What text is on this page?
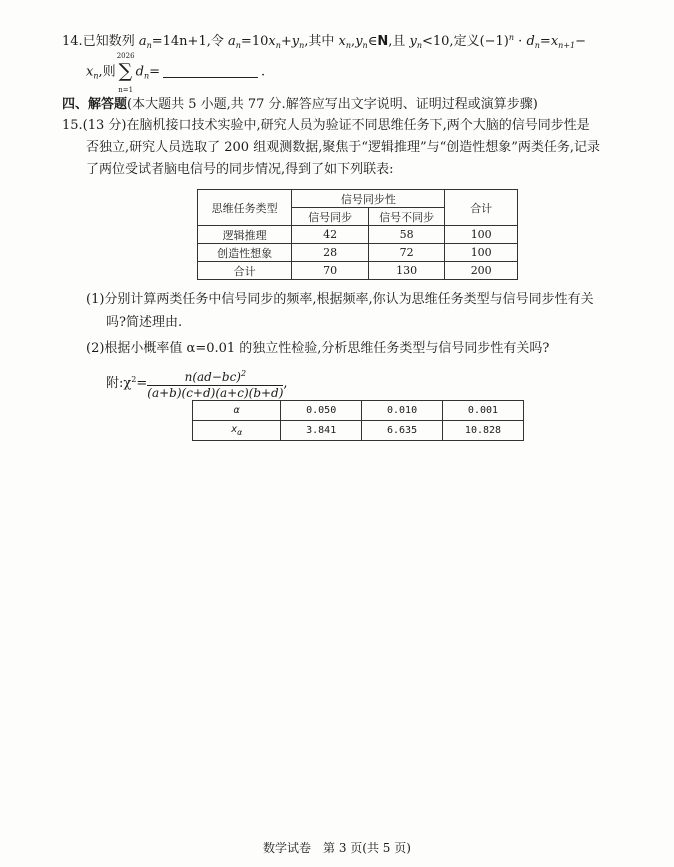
14.已知数列 $a_n=14n+1$,令 $a_n=10x_n+y_n$,其中 $x_n,y_n\in N$,且 $y_n<10$,定义$(-1)^n \cdot d_n=x_{n+1}-$
$x_n$,则
2026
∑
n=1
$d_n=$	.
四、解答题(本大题共 5 小题,共 77 分.解答应写出文字说明、证明过程或演算步骤)
15.(13 分)在脑机接口技术实验中,研究人员为验证不同思维任务下,两个大脑的信号同步性是
否独立,研究人员选取了 200 组观测数据,聚焦于“逻辑推理”与“创造性想象”两类任务,记录
了两位受试者脑电信号的同步情况,得到了如下列联表:
思维任务类型	信号同步性		合计
	信号同步	信号不同步	
逻辑推理	42	58	100
创造性想象	28	72	100
合计	70	130	200
(1)分别计算两类任务中信号同步的频率,根据频率,你认为思维任务类型与信号同步性有关
吗?简述理由.
(2)根据小概率值 α=0.01 的独立性检验,分析思维任务类型与信号同步性有关吗?
附$:\chi^2= \frac{n(ad-bc)^2}{(a+b)(c+d)(a+c)(b+d)}$ ,
α	0.050	0.010	0.001
$x_\alpha$	3.841	6.635	10.828
数学试卷　第 3 页(共 5 页)
